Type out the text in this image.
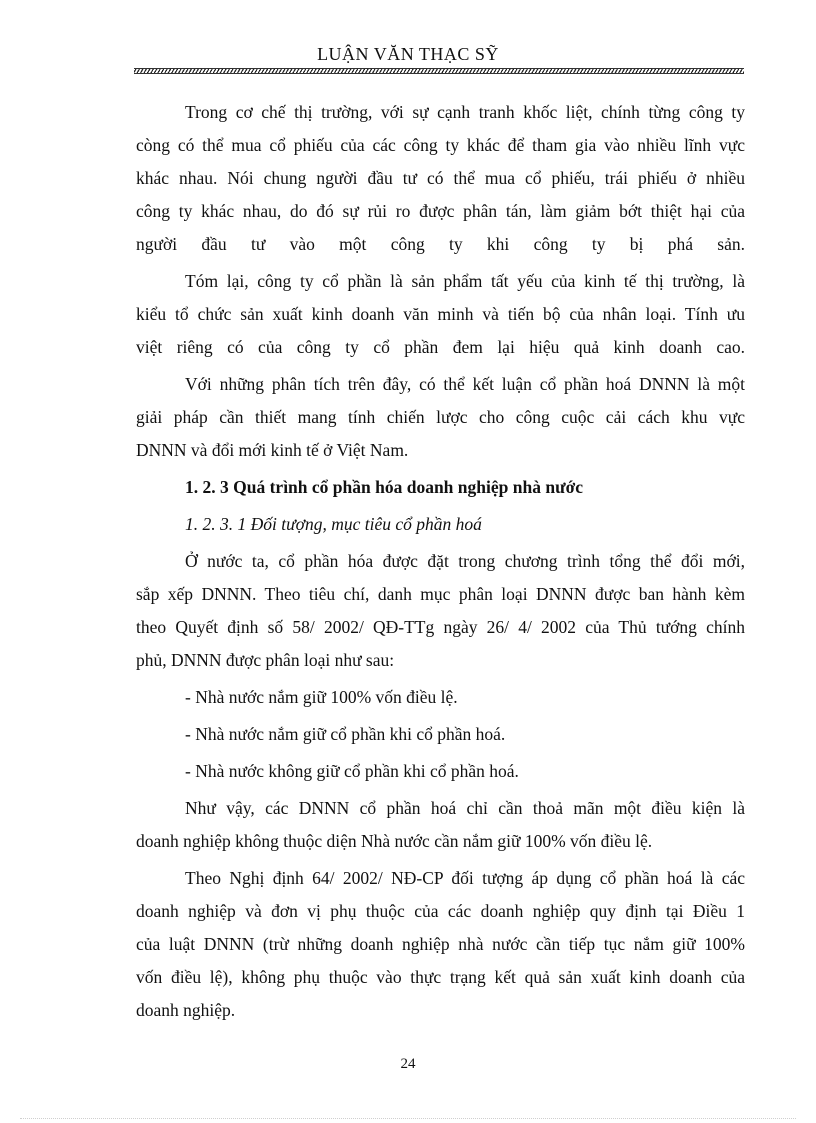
LUẬN VĂN THẠC SỸ
Trong cơ chế thị trường, với sự cạnh tranh khốc liệt, chính từng công ty
còng có thể mua cổ phiếu của các công ty khác để tham gia vào nhiều lĩnh vực
khác nhau. Nói chung người đầu tư có thể mua cổ phiếu, trái phiếu ở nhiều
công ty khác nhau, do đó sự rủi ro được phân tán, làm giảm bớt thiệt hại của
người đầu tư vào một công ty khi công ty bị phá sản.
Tóm lại, công ty cổ phần là sản phẩm tất yếu của kinh tế thị trường, là
kiểu tổ chức sản xuất kinh doanh văn minh và tiến bộ của nhân loại. Tính ưu
việt riêng có của công ty cổ phần đem lại hiệu quả kinh doanh cao.
Với những phân tích trên đây, có thể kết luận cổ phần hoá DNNN là một
giải pháp cần thiết mang tính chiến lược cho công cuộc cải cách khu vực
DNNN và đổi mới kinh tế ở Việt Nam.
1. 2. 3 Quá trình cổ phần hóa doanh nghiệp nhà nước
1. 2. 3. 1 Đối tượng, mục tiêu cổ phần hoá
Ở nước ta, cổ phần hóa được đặt trong chương trình tổng thể đổi mới,
sắp xếp DNNN. Theo tiêu chí, danh mục phân loại DNNN được ban hành kèm
theo Quyết định số 58/ 2002/ QĐ-TTg ngày 26/ 4/ 2002 của Thủ tướng chính
phủ, DNNN được phân loại như sau:
- Nhà nước nắm giữ 100% vốn điều lệ.
- Nhà nước nắm giữ cổ phần khi cổ phần hoá.
- Nhà nước không giữ cổ phần khi cổ phần hoá.
Như vậy, các DNNN cổ phần hoá chỉ cần thoả mãn một điều kiện là
doanh nghiệp không thuộc diện Nhà nước cần nắm giữ 100% vốn điều lệ.
Theo Nghị định 64/ 2002/ NĐ-CP đối tượng áp dụng cổ phần hoá là các
doanh nghiệp và đơn vị phụ thuộc của các doanh nghiệp quy định tại Điều 1
của luật DNNN (trừ những doanh nghiệp nhà nước cần tiếp tục nắm giữ 100%
vốn điều lệ), không phụ thuộc vào thực trạng kết quả sản xuất kinh doanh của
doanh nghiệp.
24
